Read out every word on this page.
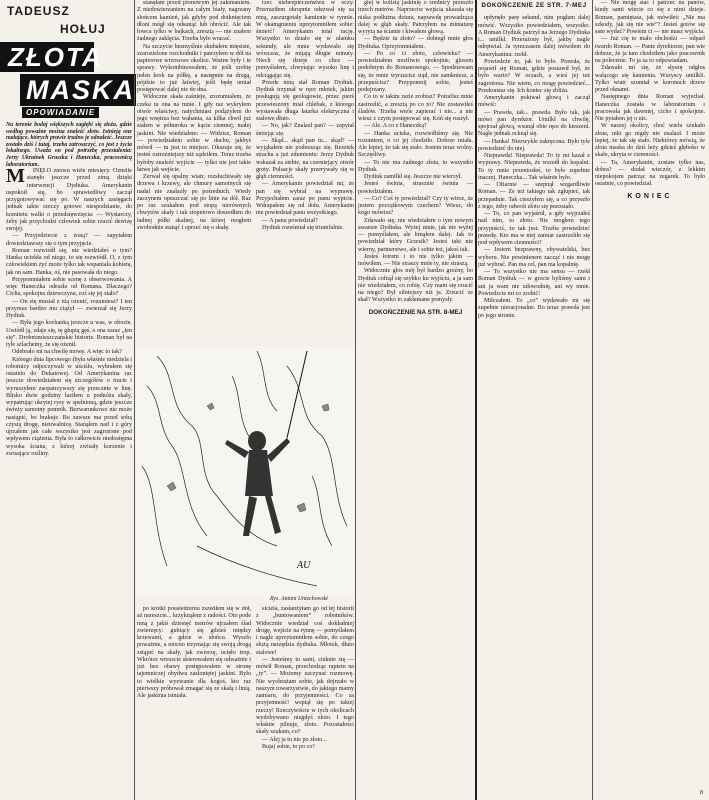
TADEUSZ
HOŁUJ
ZŁOTA
MASKA
OPOWIADANIE
Na terenie bodaj większych zagłębi się złoża, gdzie według poważne można znaleźć złoto. Istnieją one nadające, których prawie trudno je odnaleźć. Jeszcze zostało dziś i tutaj, trzeba zatroszczyć, co jest z życia lokalnego. Uważa on pod potrzebę przestalenia: Jerzy Ukrainek Gruszka i Haneczka, pracownicą laboratorium.
M	INĘŁO znowu wiele miesięcy. Oznelle stanęło jeszcze przed zimą dzięki interwencji Dydiuka. Amerykanin uspokoił się, bo sprawiedliwy zaczął przygotowywać się po. W naszych zasięgach jednak takie rzeczy gotowe niespodzianie, do komitetu walki o przedsięwzięcia: — Wystarczy, żeby jak przychodzi człowiek sobie rzucić dewizę swojej.

— Przyjedziecie z żoną? — zapytałem dowiedziawszy się o tym przyjęcie.

Roman rozwiódł się, nie wiedziałeś o tym? Hanka uciekła od niego, to się rozwiódł. O, z tym człowiekiem żyć może tylko tak wspaniała kobieta, jak on sam. Hanka, oś, nie pasowała do niego.

Przypomniałem sobie scenę z obserwowania. A więc Haneczka odeszła od Romana. Dlaczego? Cicha, spokojna dziewczyna, coś się jej stało?

— On się musiał z nią ożenić, rozumiesz? I ten przymus bardzo mu ciążył — zwierzał się Jerzy Dydiuk.

— Była jego kochanką jeszcze u was, w obozie. Uwiódł ją, zdaje się, tę głupią gęś, a ona zaraz „ten się”. Drobnomieszczańskie historie. Roman był na tyle szlachetny, że się ożenił.

Odebrało mi na chwilę mowę. A więc to tak?

Którego dnia lipcowego (była właśnie niedziela i robotnicy odpoczywali w uściślu, wybrałem się ostatnio do Dukatowej. Od Amerykanina raz jeszcze dowiedziałem się szczegółów o tracie i wyruszyłem zaopatrzywszy się przecznie w linę. Blisko dwie godziny łaziłem u podnóża skały, wypatrując ukrytej rysy w spełnioną, gdzie jeszcze świeży samotny pomnik. Bezwarunkowo nie może nastąpić, bo brakuje. Bo zawsze ma przed sobą czystą drogę, nieuwalnicę. Stanąłem nad i z góry ujrzałem jak całe wszystko jest zagrożone pod wpływem ciążenia. Była to całkowicie niedostępna wysoka ściana, z której zwisały korzenie i zwisające rośliny.

stanęłam przed pionowym jej załamaniem. Z niedowierzaniem na całym biały, nagrzany słońcem kamień, jak gdyby pod dotknięciem dłoni mógł się odsunąć lub obrócić. Ale tak łowca tylko w bajkach, zresztą — nie znałem żadnego zaklęcia. Trzeba było wracać.

Na szczycie bezmyślnie skubałem mięsiste, szarozielone rozchodniki i patrzyłem w dół na papierowe wrzosowe okolice. Ważne były i te sprawy. Wykombinowałem, że jeśli zrobię jeden krok na półkę, a następnie na drugą, pójdzie to już łatwiej, jeśli będę umiał postępować dalej nie do dna.

Widoczne skała zaśnieje, zrozumiałem, że czeka tu ona na mnie. I gdy raz wykryłem otwór właściwy, natychmiast podążyłem do jego wnętrza bez wahania, za kilka chwil już stałem w półmroku w kącie ciemnej, małej jaskini. Nie wiedziałem: — Widzisz, Roman — powiedziałem sobie w duchu, jakbyś mówił — tu jest to miejsce. Okazuje się, że jesteś ostrożniejszy niż sądziłem. Teraz trzeba byłoby znaleźć wyjście — tylko nie jest takie łatwe jak wejście.

Zerwał się upalny wiatr, rozsłuchiwały się drzewa i krzewy, ale chmury samotnych się nadal nie znalazły po pośrednich. Wiedy zaczynem opuszczać się po linie na dół. Raz po raz szukałem pod stopą nierównych chwytów skały i tak stopniowo doszedłem do ładnej półki skalnej, na której mogłem swobodnie stanąć i oprzeć się o skałę.

rzec niebezpieczeństwu w oczy. Przeraziłem okropnie odezwał się za mną, zaszurgotały kamienie w rynnie. W okamgnieniu uprzytomniłem sobie: śmierć! Amerykanin miał rację. Wszystko to działo się w ułamku sekundy, ale mnie wydawało się wówczas, że mijają długie minuty. Niech się dzieje co chce — pomyślałem, chwytając wysoko linę i odciągając się.

Przede mną stał Roman Dydiuk. Dydiuk trzymał w ręce młotek, jakim posługują się geologowie, przez pierś przewieszony miał chlebak, z którego wystawała długa łatarka elektryczna i stalowe dłuto.

— No, jak? Znalazł pan? — zapytał śmiejąc się.

— Skąd... skąd pan tu... skąd? — wyjąkałem nie podnosząc się. Resztek strachu a już zdumieniu: Jerzy Dydiuk wskazał za siebie, na czerniejący otwór groty. Pulsacje skały przerywały się w głąb ciemności.

— Amerykanin powiedział mi, że pan się wybrał na wyprawę. Przyjechałem zaraz po panu wypicie. Wdrapałem się od dołu. Amerykanin nie powiedział panu wszystkiego.

— A panu powiedział?

Dydiuk roześmiał się triumfalnie.

AU
Rys. Antoni Uniechowski

po krótki pousiedzeniu zszedłem się w dół, aż nareszcie... krzyknąłem z radości. Oto pode mną z jakiś dziesięć metrów ujrzałem ślad zwierzęcy: gubiący się gdzieś między krzewami, a gdzie w słońcu. Wyszło poważnie, a mocno trzymając się swoją drogą zstąpić na skały, jak zwierzę, ucięło trop. Wkrótce wreszcie skierowałem się odważnie i już bez obawy postępowałem w stronę tajemniczej obydwu zasłoniętej jaskini. Było to wielkie wyzwanie dla kogoś, kto raz pierwszy próbował zmagać się ze skałą i linią. Ale jaskinia istniała.

siciela, zastanżyłam go od tej historii z „buntowaniem” robotników. Widocznie wiedział coś dokładniej drogę, wejście na rynnę — pomyślałem i nagle uprzytomniłem sobie, do czego służą narzędzia dydiuka. Młotek, dłuto stalowe!

— Jesteśmy tu sami, cieknie się — mówił Roman, przechodząc raptem na „ty”. — Możemy zaczynać rozmowę. Nie wyobrażam sobie, jak dojrzało w naszym towarzystwie, do jakiego mamy zamiaru, do przyjemności. Co za przyjemność! wspiął się po takiej rzeczy! Rzeczywiście w tych okolicach wydobywano niegdyś złoto. I tego właśnie pilnuje, złoto. Pozostałości skały szukam, co?

— Alej ja tu nie po złoto...

Bujaj sobie, to po co?

giej w kolistą jaskinię o średnicy przeszło trzech metrów. Naprzeciw wejścia ukazała się niska podłużna dziura, naprawdę prowadząca dalej w głąb skały. Patrzyłem na miniaturę wyrytą na ścianie i kiwałem głową.

— Będzie tu złoto? — dobiegł mnie głos Dydiuka. Oprzytomniałem.

— Po co ci złoto, człowieku? — powiedziałem możliwie spokojnie, glosem podobnym do Romanowego. — Spodziewam się, że mnie wyrzucisz stąd, nie zamkniesz, a przepuścisz? Przypomnij sobie, jesteś podejrzany.

Co to w takim razie zrobisz? Potrafisz mnie zastrzelić, a zresztą po co to? Nie zostawiłeś śladów. Trzeba wiele zapierać i nie... a nie wiesz z czym postępować się. Koń się ruszył.

— Ale. A co z Haneczką?

— Hanka ucieka, rozwiedliśmy się. Nie rozumiem, o co jej chodziło. Dobrze miała. Ale lepiej, że tak się stało. Jestem teraz wolny. Szczęśliwy.

— To nie ma żadnego złota, to wszystko Dydiuk.

Dydiuk zamilkł się. Jeszcze nie wierzył.

Jesteś świnia, strasznie świnia — powiedziałem.

— Co? Coś ty powiedział? Czy ty wiesz, że jestem początkowym czechem? Wiesz, do kogo mówisz?

Zdawało się, nie wiedziałem o tym nowym awansie Dydiuka. Wyżej mnie, jak nie wyżej — pomyślałem, ale brnąłem dalej. Jak to powiedział który Grzesik? Jesteś taki nie wierny, partnerstwo, ale i sobie też, jakoś tak.

Jesteś łotrem i to nie tylko jakim — mówiłem. — Nie straszy mnie ty, nie straszą.

Widocznie głos mój był bardzo groźny, bo Dydiuk cofnął się szybko ku wyjściu, a ja sam nie wiedziałem, co robię. Czy mam się rzucić na niego? Był silniejszy niż ja. Zrzucić ze skał? Wszystko to zakłamane pomysły.

DOKOŃCZENIE NA STR. 8-MEJ
DOKOŃCZENIE ZE STR. 7-MEJ

upłynęło parę sekund, nim pogłam dalej mówić. Wszystko powiedziałem, wszystko. A Roman Dydiuk patrzył na Jerzego Dydiuka i... umilkł. Przerażony był, jakby nagle odrętwiał. Ja tymczasem dalej mówiłem do Amerykanina: rzekł.

Powiedzże to, jak to było. Prawda, że pojawił się Roman, gdzie postawił był, że było warto? W oczach, a wieś jej też zagrożona. Nie wiem, co mogę powiedzieć... Przekonasz się. Ich koniec się zbliża.

Amerykanin pokiwał głową i zaczął mówić:

— Prawda, tak... prawda. Było tak, jak mówi pan dyrektor. Umilkł na chwilę, spojrzał głową, wsunął obie ręce do kieszeni. Nagle jednak ocknął się.

— Hanka! Niezwykle zakręcona. Było tyle powiedzieć do niej.

Nieprawda! Nieprawda! To ty mi kazał z wyprawy. Nieprawda, że wszedł do kopalni. To ty mnie przeniosłeś, to było zupełnie inaczej. Haneczka... Tak właśnie było.

— Ofiarnie — szepnął wzgardliwie Roman. — Że też takiego tak zgłupieć, tak przepadnie. Tak cieszyłem się, a co przyszło z tego, żeby odwrót złoto się pozostało.

— To, co pan wyjaśnił, a gdy wyjrzałeś nad nim, to złoto. Nie mogłem tego przypuścić, że tak jest. Trzeba powiedzieć prawdę. Kto ma w niej zamiar zastrzeliło się pod wpływem ciemności?

— Jestem bezprawny, obywatelski, bez wyboru. Nie powinienem zacząć i nie mogę już wybrać. Pan ma cel, pan ma kopalnię.

— To wszystko nie ma sensu — rzekł Roman Dydiuk — w grocie byliśmy sami i ani ja wam nie udowodnię, ani wy mnie. Powiedzcie mi co zrobić!

Milczałem. To „co” wydawało mi się zupełnie nieracjonalne. Bo teraz prawda jest po jego stronie.

— Nie mogę stać i patrzeć na panów, kiedy sami wiecie co się z nimi dzieje. Roman, pamiętasz, jak mówiłeś: „Nie ma szkody, jak się nie wie”? Jesteś gotów się sam wydać? Powiem ci — nie masz wyjścia.

— Już cię to mało obchodzi — odparł twardo Roman. — Panie dyrektorze, pan wie dobrze, że ja tam chodziłem jako pracownik na polecenie. To ja za to odpowiadam.

Zdawało mi się, że słyszę odgłos walącego się kamienia. Wszyscy umilkli. Tylko wiatr szumiał w koronach drzew przed oknami.

Następnego dnia Roman wyjechał. Haneczka została w laboratorium i pracowała jak dawniej, cicho i spokojnie. Nie pytałem jej o nic.

W naszej okolicy, choć wielu szukało złota, nikt go nigdy nie znalazł. I może lepiej, że tak się stało. Niektórzy mówią, że złota maska do dziś leży gdzieś głęboko w skale, ukryta w ciemności.

— Ta, Amerykanin, zostaw tylko nas, dobra? — dodał wieczór, z lekkim niepokojem patrząc na zegarek. To było ostatnie, co powiedział.

KONIEC
8
